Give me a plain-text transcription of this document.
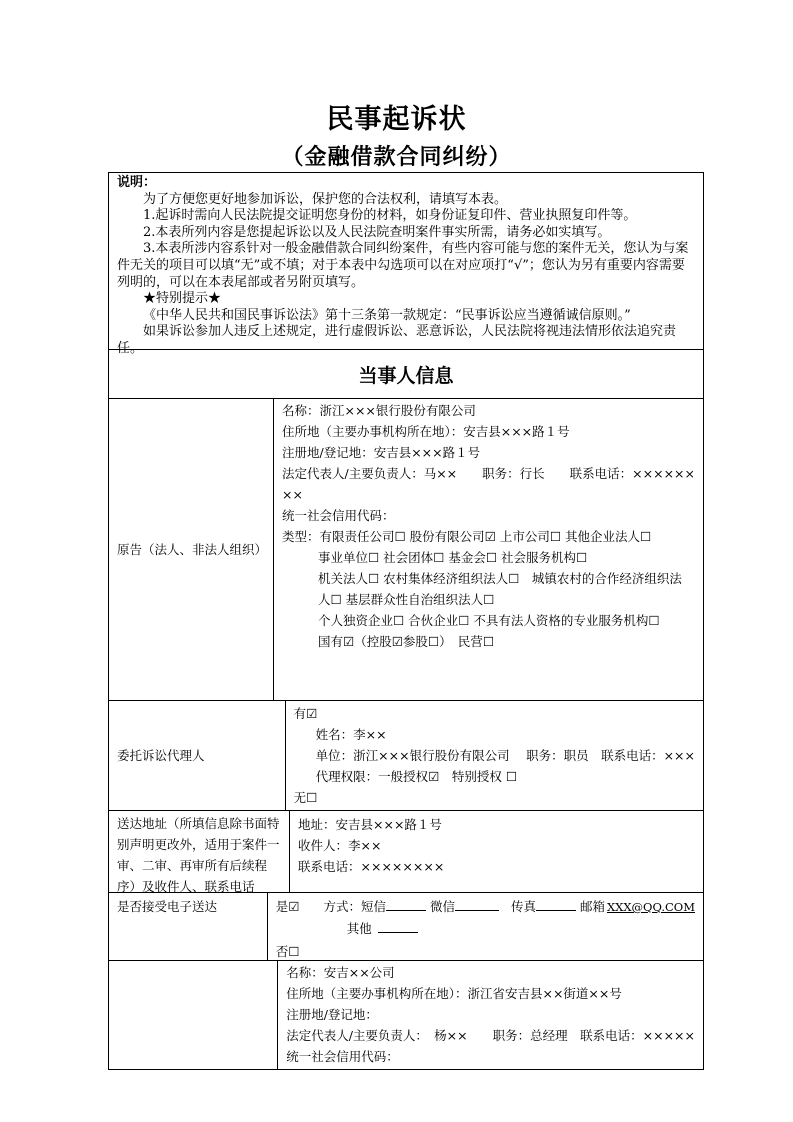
民事起诉状
（金融借款合同纠纷）

说明：

为了方便您更好地参加诉讼，保护您的合法权利，请填写本表。

1.起诉时需向人民法院提交证明您身份的材料，如身份证复印件、营业执照复印件等。

2.本表所列内容是您提起诉讼以及人民法院查明案件事实所需，请务必如实填写。

3.本表所涉内容系针对一般金融借款合同纠纷案件，有些内容可能与您的案件无关，您认为与案件无关的项目可以填“无”或不填；对于本表中勾选项可以在对应项打“√”；您认为另有重要内容需要列明的，可以在本表尾部或者另附页填写。

★特别提示★

《中华人民共和国民事诉讼法》第十三条第一款规定：“民事诉讼应当遵循诚信原则。”

如果诉讼参加人违反上述规定，进行虚假诉讼、恶意诉讼，人民法院将视违法情形依法追究责任。

当事人信息
原告（法人、非法人组织）
名称：浙江×××银行股份有限公司
住所地（主要办事机构所在地）：安吉县×××路１号
注册地/登记地：安吉县×××路１号
法定代表人/主要负责人：马××　　职务：行长　　联系电话：××××××
××
统一社会信用代码：
类型：有限责任公司☐ 股份有限公司☑ 上市公司☐ 其他企业法人☐
事业单位☐ 社会团体☐ 基金会☐ 社会服务机构☐
机关法人☐ 农村集体经济组织法人☐　城镇农村的合作经济组织法
人☐ 基层群众性自治组织法人☐
个人独资企业☐ 合伙企业☐ 不具有法人资格的专业服务机构☐
国有☑（控股☑参股☐）　民营☐
委托诉讼代理人
有☑
姓名：李××
单位：浙江×××银行股份有限公司　 职务：职员　联系电话：×××
代理权限：一般授权☑　特别授权 ☐
无☐
送达地址（所填信息除书面特别声明更改外，适用于案件一审、二审、再审所有后续程序）及收件人、联系电话
地址：安吉县×××路１号
收件人：李××
联系电话：××××××××
是否接受电子送达	是☑ 方式：短信	微信	传真	邮箱 XXX@QQ.COM
其他
否☐
名称：安吉××公司
住所地（主要办事机构所在地）：浙江省安吉县××街道××号
注册地/登记地：
法定代表人/主要负责人：　杨××　　职务：总经理　联系电话：×××××
统一社会信用代码：
